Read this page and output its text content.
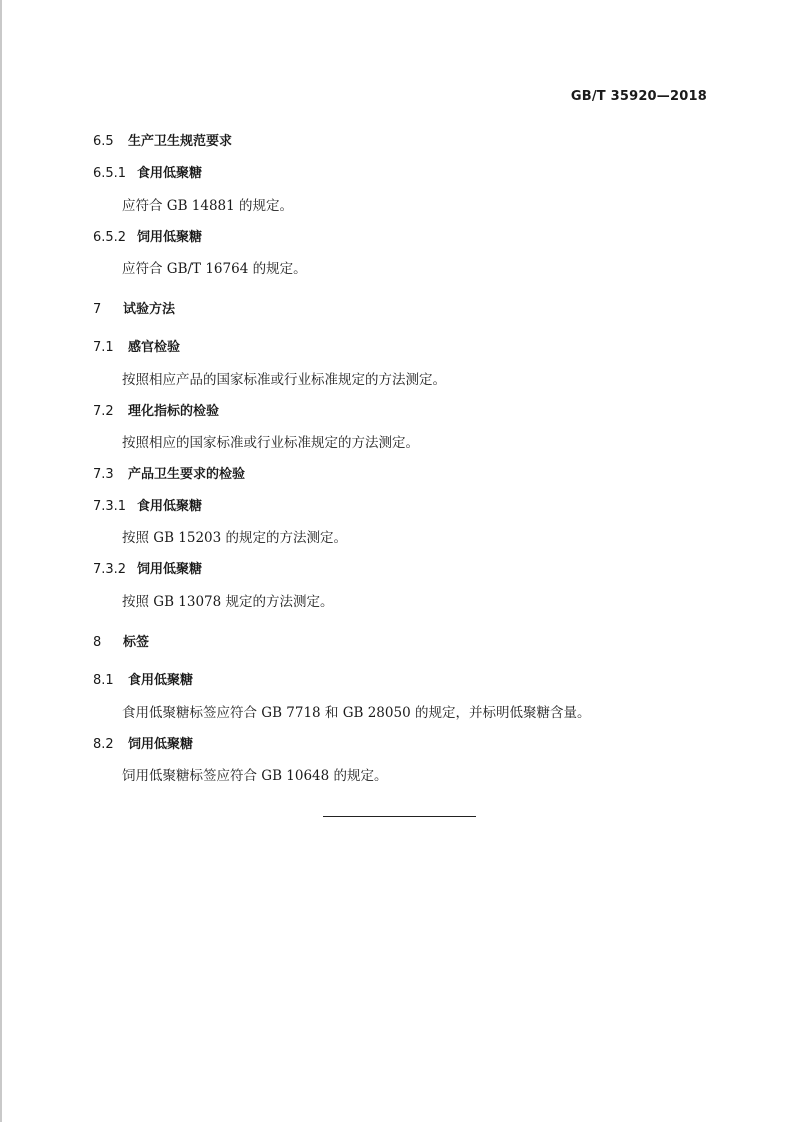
GB/T 35920—2018
6.5 生产卫生规范要求
6.5.1 食用低聚糖
应符合 GB 14881 的规定。
6.5.2 饲用低聚糖
应符合 GB/T 16764 的规定。
7 试验方法
7.1 感官检验
按照相应产品的国家标准或行业标准规定的方法测定。
7.2 理化指标的检验
按照相应的国家标准或行业标准规定的方法测定。
7.3 产品卫生要求的检验
7.3.1 食用低聚糖
按照 GB 15203 的规定的方法测定。
7.3.2 饲用低聚糖
按照 GB 13078 规定的方法测定。
8 标签
8.1 食用低聚糖
食用低聚糖标签应符合 GB 7718 和 GB 28050 的规定，并标明低聚糖含量。
8.2 饲用低聚糖
饲用低聚糖标签应符合 GB 10648 的规定。
